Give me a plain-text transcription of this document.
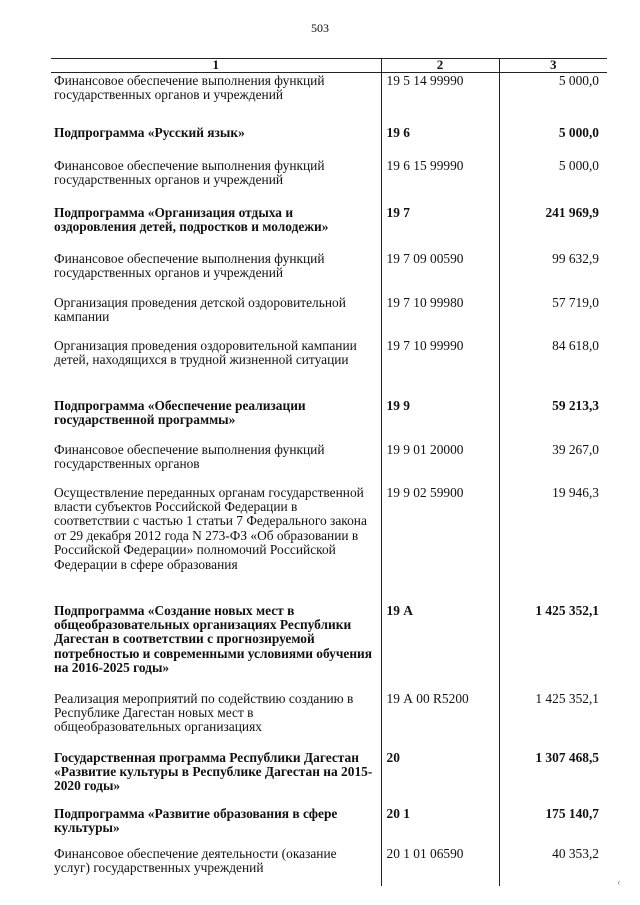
503
1	2	3
Финансовое обеспечение выполнения функций государственных органов и учреждений	19 5 14 99990	5 000,0
Подпрограмма «Русский язык»	19 6	5 000,0
Финансовое обеспечение выполнения функций государственных органов и учреждений	19 6 15 99990	5 000,0
Подпрограмма «Организация отдыха и оздоровления детей, подростков и молодежи»	19 7	241 969,9
Финансовое обеспечение выполнения функций государственных органов и учреждений	19 7 09 00590	99 632,9
Организация проведения детской оздоровительной кампании	19 7 10 99980	57 719,0
Организация проведения оздоровительной кампании детей, находящихся в трудной жизненной ситуации	19 7 10 99990	84 618,0
Подпрограмма «Обеспечение реализации государственной программы»	19 9	59 213,3
Финансовое обеспечение выполнения функций государственных органов	19 9 01 20000	39 267,0
Осуществление переданных органам государственной власти субъектов Российской Федерации в соответствии с частью 1 статьи 7 Федерального закона от 29 декабря 2012 года N 273-ФЗ «Об образовании в Российской Федерации» полномочий Российской Федерации в сфере образования	19 9 02 59900	19 946,3
Подпрограмма «Создание новых мест в общеобразовательных организациях Республики Дагестан в соответствии с прогнозируемой потребностью и современными условиями обучения на 2016-2025 годы»	19 А	1 425 352,1
Реализация мероприятий по содействию созданию в Республике Дагестан новых мест в общеобразовательных организациях	19 А 00 R5200	1 425 352,1
Государственная программа Республики Дагестан «Развитие культуры в Республике Дагестан на 2015-2020 годы»	20	1 307 468,5
Подпрограмма «Развитие образования в сфере культуры»	20 1	175 140,7
Финансовое обеспечение деятельности (оказание услуг) государственных учреждений	20 1 01 06590	40 353,2
ᶜ
